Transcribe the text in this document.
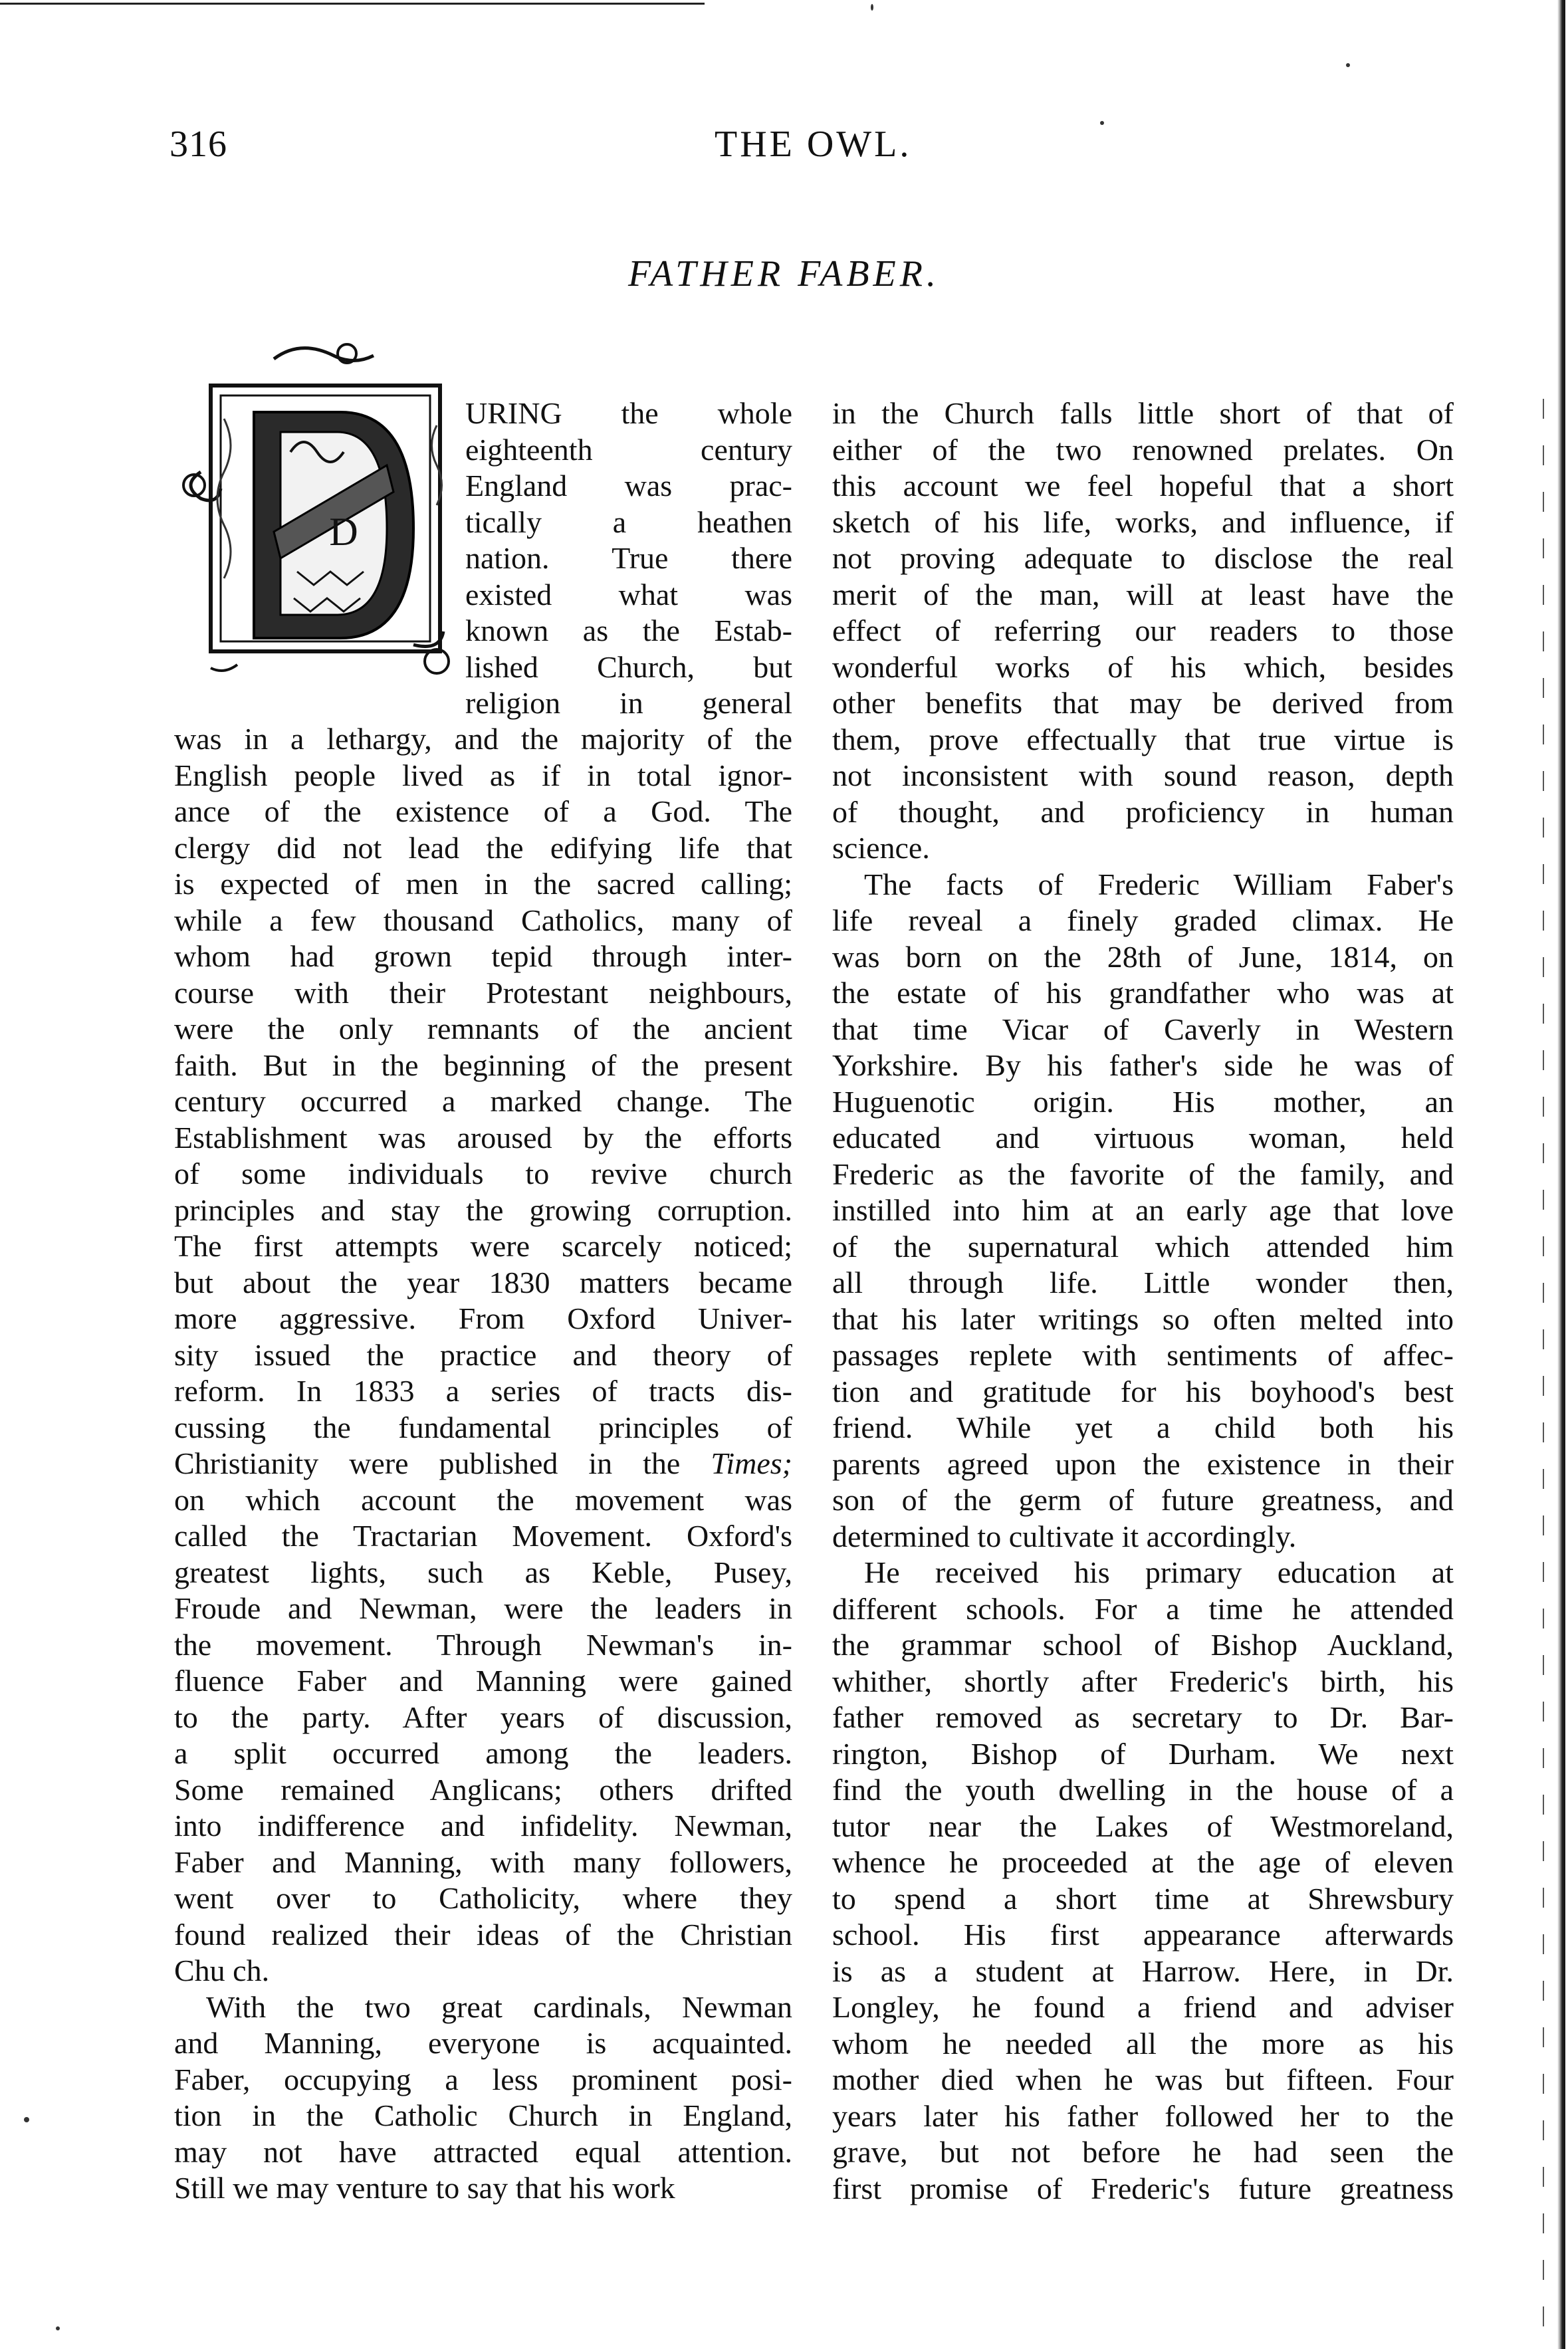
316	THE OWL.
FATHER FABER.
D
URING the whole
eighteenth century
England was prac-
tically a heathen
nation. True there
existed what was
known as the Estab-
lished Church, but
religion in general
was in a lethargy, and the majority of the
English people lived as if in total ignor-
ance of the existence of a God. The
clergy did not lead the edifying life that
is expected of men in the sacred calling;
while a few thousand Catholics, many of
whom had grown tepid through inter-
course with their Protestant neighbours,
were the only remnants of the ancient
faith. But in the beginning of the present
century occurred a marked change. The
Establishment was aroused by the efforts
of some individuals to revive church
principles and stay the growing corruption.
The first attempts were scarcely noticed;
but about the year 1830 matters became
more aggressive. From Oxford Univer-
sity issued the practice and theory of
reform. In 1833 a series of tracts dis-
cussing the fundamental principles of
Christianity were published in the Times;
on which account the movement was
called the Tractarian Movement. Oxford's
greatest lights, such as Keble, Pusey,
Froude and Newman, were the leaders in
the movement. Through Newman's in-
fluence Faber and Manning were gained
to the party. After years of discussion,
a split occurred among the leaders.
Some remained Anglicans; others drifted
into indifference and infidelity. Newman,
Faber and Manning, with many followers,
went over to Catholicity, where they
found realized their ideas of the Christian
Chu ch.
With the two great cardinals, Newman
and Manning, everyone is acquainted.
Faber, occupying a less prominent posi-
tion in the Catholic Church in England,
may not have attracted equal attention.
Still we may venture to say that his work
in the Church falls little short of that of
either of the two renowned prelates. On
this account we feel hopeful that a short
sketch of his life, works, and influence, if
not proving adequate to disclose the real
merit of the man, will at least have the
effect of referring our readers to those
wonderful works of his which, besides
other benefits that may be derived from
them, prove effectually that true virtue is
not inconsistent with sound reason, depth
of thought, and proficiency in human
science.
The facts of Frederic William Faber's
life reveal a finely graded climax. He
was born on the 28th of June, 1814, on
the estate of his grandfather who was at
that time Vicar of Caverly in Western
Yorkshire. By his father's side he was of
Huguenotic origin. His mother, an
educated and virtuous woman, held
Frederic as the favorite of the family, and
instilled into him at an early age that love
of the supernatural which attended him
all through life. Little wonder then,
that his later writings so often melted into
passages replete with sentiments of affec-
tion and gratitude for his boyhood's best
friend. While yet a child both his
parents agreed upon the existence in their
son of the germ of future greatness, and
determined to cultivate it accordingly.
He received his primary education at
different schools. For a time he attended
the grammar school of Bishop Auckland,
whither, shortly after Frederic's birth, his
father removed as secretary to Dr. Bar-
rington, Bishop of Durham. We next
find the youth dwelling in the house of a
tutor near the Lakes of Westmoreland,
whence he proceeded at the age of eleven
to spend a short time at Shrewsbury
school. His first appearance afterwards
is as a student at Harrow. Here, in Dr.
Longley, he found a friend and adviser
whom he needed all the more as his
mother died when he was but fifteen. Four
years later his father followed her to the
grave, but not before he had seen the
first promise of Frederic's future greatness
